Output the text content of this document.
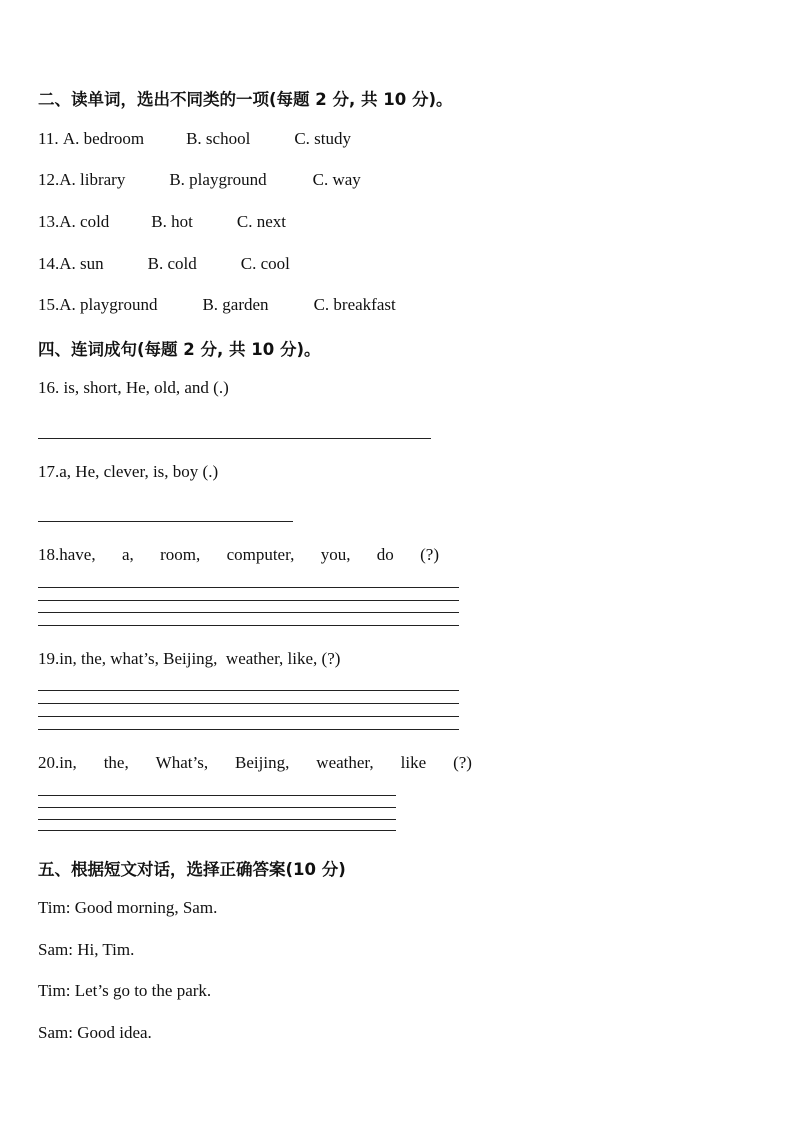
二、读单词，选出不同类的一项(每题 2 分, 共 10 分)。
11. A. bedroom B. school	C. study
12.A. library	B. playground	C. way
13.A. cold B. hot	C. next
14.A. sun	B. cold	C. cool
15.A. playground	B. garden	C. breakfast
四、连词成句(每题 2 分, 共 10 分)。
16. is, short, He, old, and (.)
17.a, He, clever, is, boy (.)
18.have, a, room, computer, you, do (?)
19.in, the, what’s, Beijing,  weather, like, (?)
20.in, the, What’s, Beijing, weather, like (?)
五、根据短文对话，选择正确答案(10 分)
Tim: Good morning, Sam.
Sam: Hi, Tim.
Tim: Let’s go to the park.
Sam: Good idea.
